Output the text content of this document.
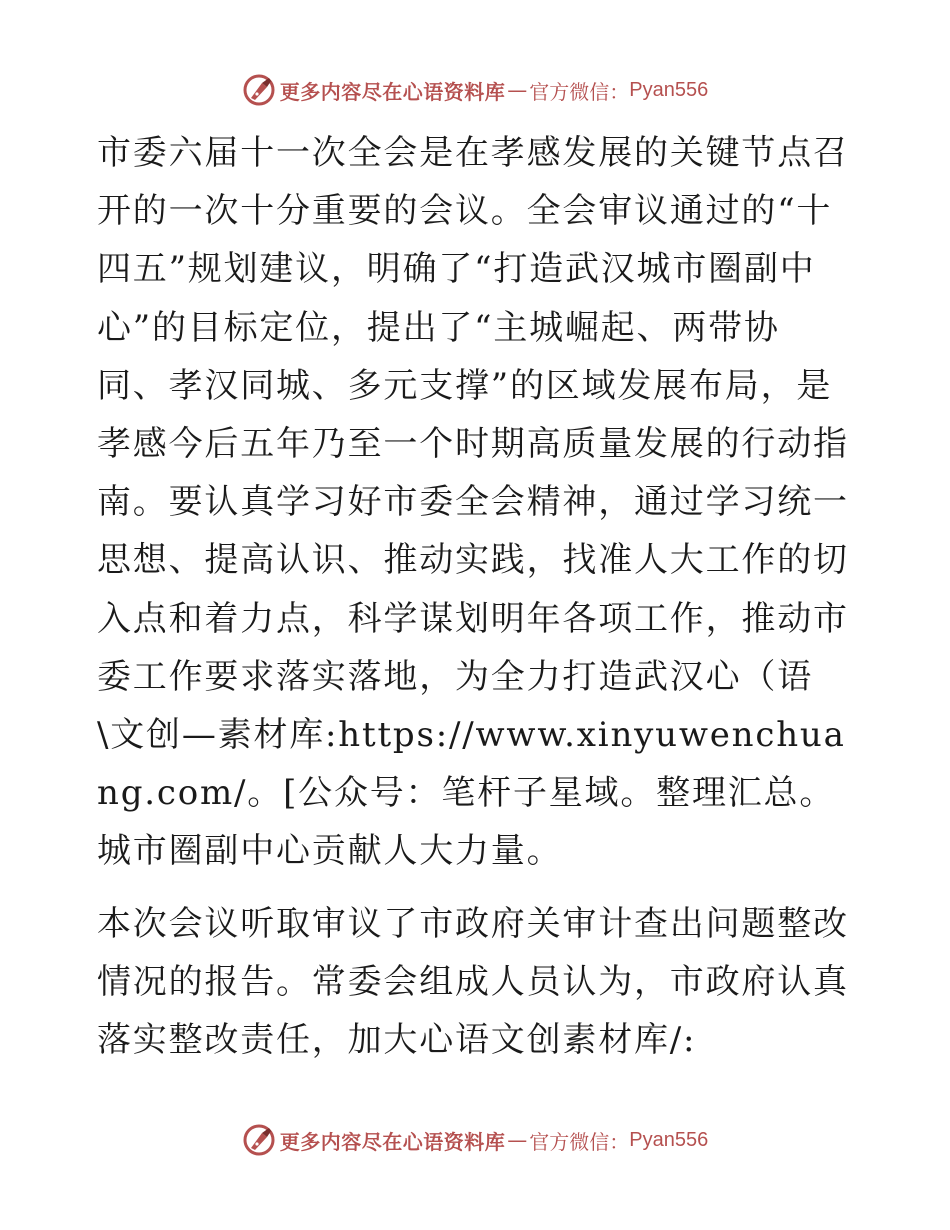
更多内容尽在心语资料库 — 官方微信： Pyan556

市委六届十一次全会是在孝感发展的关键节点召开的一次十分重要的会议。全会审议通过的“十四五”规划建议，明确了“打造武汉城市圈副中心”的目标定位，提出了“主城崛起、两带协同、孝汉同城、多元支撑”的区域发展布局，是孝感今后五年乃至一个时期高质量发展的行动指南。要认真学习好市委全会精神，通过学习统一思想、提高认识、推动实践，找准人大工作的切入点和着力点，科学谋划明年各项工作，推动市委工作要求落实落地，为全力打造武汉心（语\文创—素材库:https://www.xinyuwenchuang.com/。[公众号：笔杆子星域。整理汇总。城市圈副中心贡献人大力量。

本次会议听取审议了市政府关审计查出问题整改情况的报告。常委会组成人员认为，市政府认真落实整改责任，加大心语文创素材库/:

更多内容尽在心语资料库 — 官方微信： Pyan556
